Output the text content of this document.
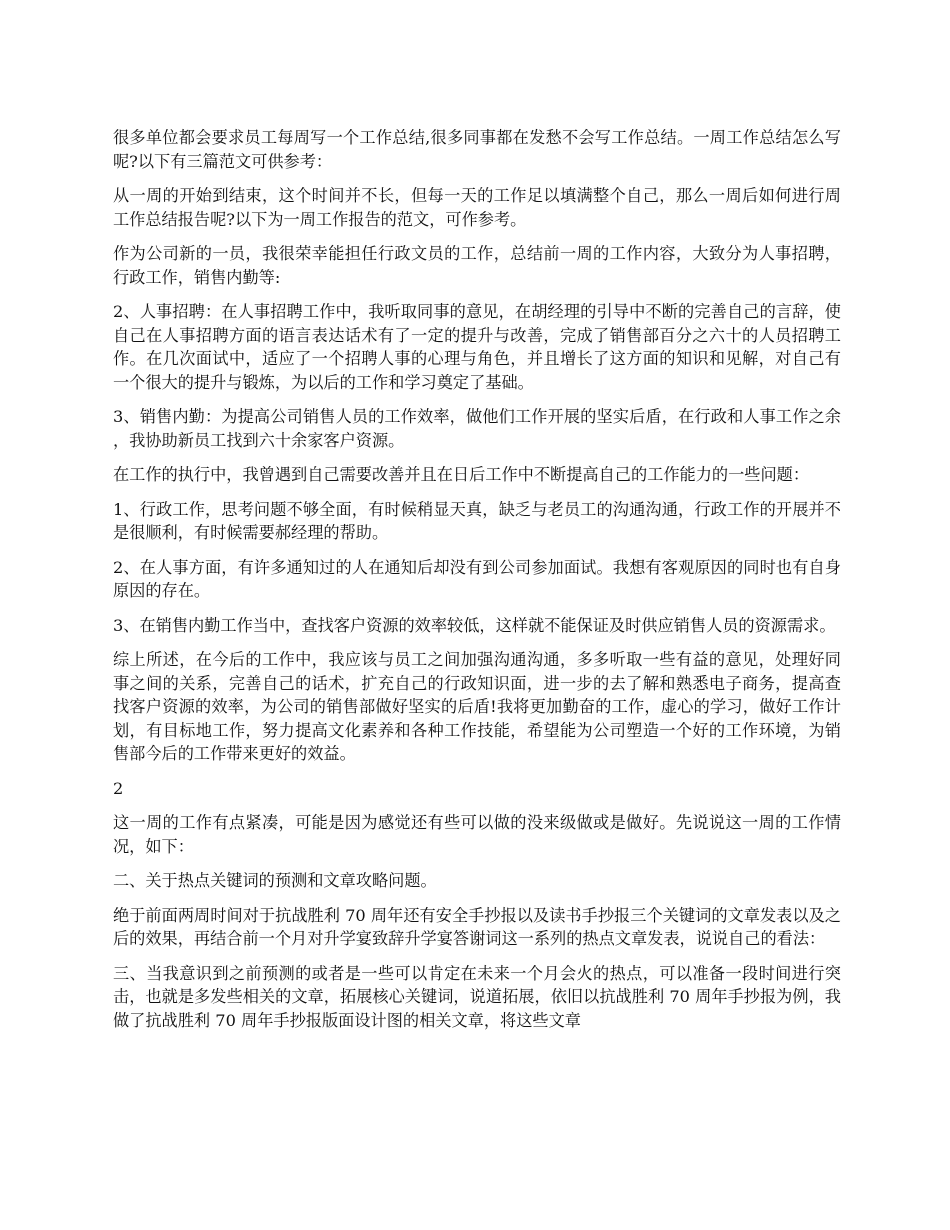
很多单位都会要求员工每周写一个工作总结,很多同事都在发愁不会写工作总结。一周工作总结怎么写呢?以下有三篇范文可供参考：

从一周的开始到结束，这个时间并不长，但每一天的工作足以填满整个自己，那么一周后如何进行周工作总结报告呢?以下为一周工作报告的范文，可作参考。

作为公司新的一员，我很荣幸能担任行政文员的工作，总结前一周的工作内容，大致分为人事招聘，行政工作，销售内勤等:

2、人事招聘：在人事招聘工作中，我听取同事的意见，在胡经理的引导中不断的完善自己的言辞，使自己在人事招聘方面的语言表达话术有了一定的提升与改善，完成了销售部百分之六十的人员招聘工作。在几次面试中，适应了一个招聘人事的心理与角色，并且增长了这方面的知识和见解，对自己有一个很大的提升与锻炼，为以后的工作和学习奠定了基础。

3、销售内勤：为提高公司销售人员的工作效率，做他们工作开展的坚实后盾，在行政和人事工作之余，我协助新员工找到六十余家客户资源。

在工作的执行中，我曾遇到自己需要改善并且在日后工作中不断提高自己的工作能力的一些问题：

1、行政工作，思考问题不够全面，有时候稍显天真，缺乏与老员工的沟通沟通，行政工作的开展并不是很顺利，有时候需要郝经理的帮助。

2、在人事方面，有许多通知过的人在通知后却没有到公司参加面试。我想有客观原因的同时也有自身原因的存在。

3、在销售内勤工作当中，查找客户资源的效率较低，这样就不能保证及时供应销售人员的资源需求。

综上所述，在今后的工作中，我应该与员工之间加强沟通沟通，多多听取一些有益的意见，处理好同事之间的关系，完善自己的话术，扩充自己的行政知识面，进一步的去了解和熟悉电子商务，提高查找客户资源的效率，为公司的销售部做好坚实的后盾!我将更加勤奋的工作，虚心的学习，做好工作计划，有目标地工作，努力提高文化素养和各种工作技能，希望能为公司塑造一个好的工作环境，为销售部今后的工作带来更好的效益。

2

这一周的工作有点紧凑，可能是因为感觉还有些可以做的没来级做或是做好。先说说这一周的工作情况，如下：

二、关于热点关键词的预测和文章攻略问题。

绝于前面两周时间对于抗战胜利 70 周年还有安全手抄报以及读书手抄报三个关键词的文章发表以及之后的效果，再结合前一个月对升学宴致辞升学宴答谢词这一系列的热点文章发表，说说自己的看法：

三、当我意识到之前预测的或者是一些可以肯定在未来一个月会火的热点，可以准备一段时间进行突击，也就是多发些相关的文章，拓展核心关键词，说道拓展，依旧以抗战胜利 70 周年手抄报为例，我做了抗战胜利 70 周年手抄报版面设计图的相关文章，将这些文章
